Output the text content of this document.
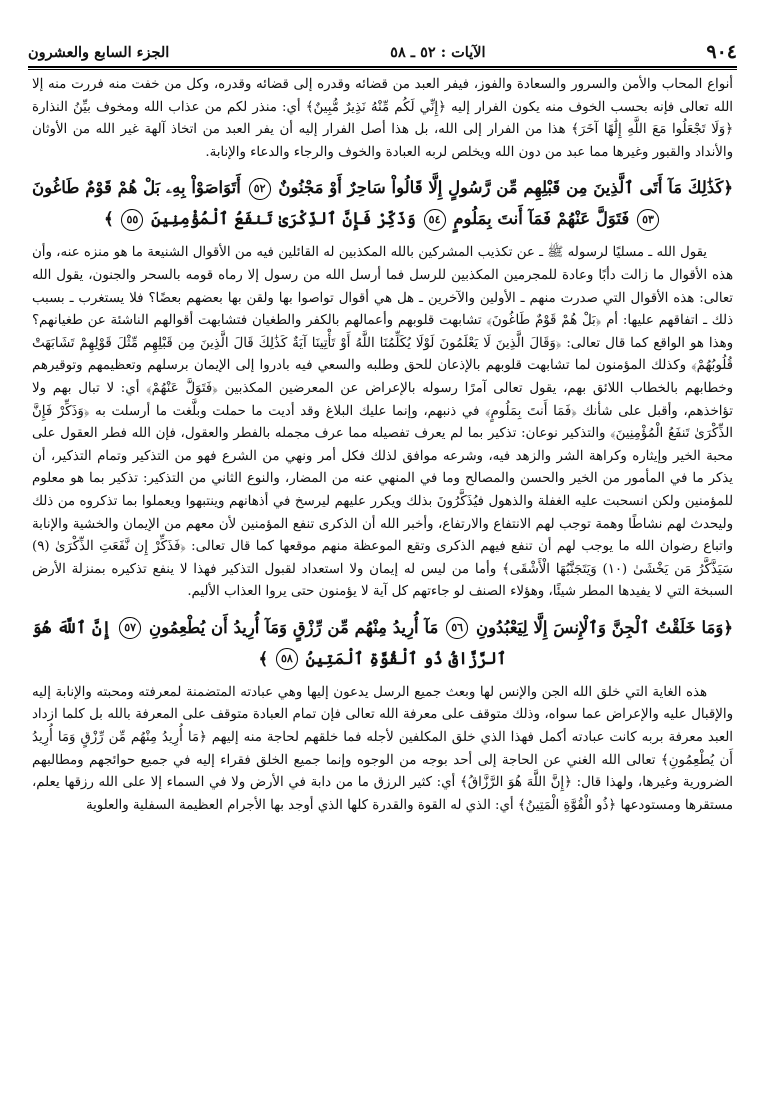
٩٠٤
الآيات : ٥٢ ـ ٥٨
الجزء السابع والعشرون

أنواع المحاب والأمن والسرور والسعادة والفوز، فيفر العبد من قضائه وقدره إلى قضائه وقدره، وكل من خفت منه فررت منه إلا الله تعالى فإنه بحسب الخوف منه يكون الفرار إليه ﴿إِنِّي لَكُم مِّنْهُ نَذِيرٌ مُّبِينٌ﴾ أي: منذر لكم من عذاب الله ومخوف بيِّنُ النذارة ﴿وَلَا تَجْعَلُوا مَعَ اللَّهِ إِلَٰهًا آخَرَ﴾ هذا من الفرار إلى الله، بل هذا أصل الفرار إليه أن يفر العبد من اتخاذ آلهة غير الله من الأوثان والأنداد والقبور وغيرها مما عبد من دون الله ويخلص لربه العبادة والخوف والرجاء والدعاء والإنابة.

﴿كَذَٰلِكَ مَآ أَتَى ٱلَّذِينَ مِن قَبْلِهِم مِّن رَّسُولٍ إِلَّا قَالُواْ سَاحِرٌ أَوْ مَجْنُونٌ ٥٢ أَتَوَاصَوْاْ بِهِۦ بَلْ هُمْ قَوْمٌ طَاغُونَ ٥٣ فَتَوَلَّ عَنْهُمْ فَمَآ أَنتَ بِمَلُومٍ ٥٤ وَذَكِّرْ فَإِنَّ ٱلذِّكْرَىٰ تَنفَعُ ٱلْمُؤْمِنِينَ ٥٥ ﴾

يقول الله ـ مسليًا لرسوله ﷺ ـ عن تكذيب المشركين بالله المكذبين له القائلين فيه من الأقوال الشنيعة ما هو منزه عنه، وأن هذه الأقوال ما زالت دأبًا وعادة للمجرمين المكذبين للرسل فما أرسل الله من رسول إلا رماه قومه بالسحر والجنون، يقول الله تعالى: هذه الأقوال التي صدرت منهم ـ الأولين والآخرين ـ هل هي أقوال تواصوا بها ولقن بها بعضهم بعضًا؟ فلا يستغرب ـ بسبب ذلك ـ اتفاقهم عليها: أم ﴿بَلْ هُمْ قَوْمٌ طَاغُونَ﴾ تشابهت قلوبهم وأعمالهم بالكفر والطغيان فتشابهت أقوالهم الناشئة عن طغيانهم؟ وهذا هو الواقع كما قال تعالى: ﴿وَقَالَ الَّذِينَ لَا يَعْلَمُونَ لَوْلَا يُكَلِّمُنَا اللَّهُ أَوْ تَأْتِينَا آيَةٌ كَذَٰلِكَ قَالَ الَّذِينَ مِن قَبْلِهِم مِّثْلَ قَوْلِهِمْ تَشَابَهَتْ قُلُوبُهُمْ﴾ وكذلك المؤمنون لما تشابهت قلوبهم بالإذعان للحق وطلبه والسعي فيه بادروا إلى الإيمان برسلهم وتعظيمهم وتوقيرهم وخطابهم بالخطاب اللائق بهم، يقول تعالى آمرًا رسوله بالإعراض عن المعرضين المكذبين ﴿فَتَوَلَّ عَنْهُمْ﴾ أي: لا تبال بهم ولا تؤاخذهم، وأقبل على شأنك ﴿فَمَا أَنتَ بِمَلُومٍ﴾ في ذنبهم، وإنما عليك البلاغ وقد أديت ما حملت وبلَّغت ما أرسلت به ﴿وَذَكِّرْ فَإِنَّ الذِّكْرَىٰ تَنفَعُ الْمُؤْمِنِينَ﴾ والتذكير نوعان: تذكير بما لم يعرف تفصيله مما عرف مجمله بالفطر والعقول، فإن الله فطر العقول على محبة الخير وإيثاره وكراهة الشر والزهد فيه، وشرعه موافق لذلك فكل أمر ونهي من الشرع فهو من التذكير وتمام التذكير، أن يذكر ما في المأمور من الخير والحسن والمصالح وما في المنهي عنه من المضار، والنوع الثاني من التذكير: تذكير بما هو معلوم للمؤمنين ولكن انسحبت عليه الغفلة والذهول فيُذَكَّرُونَ بذلك ويكرر عليهم ليرسخ في أذهانهم وينتبهوا ويعملوا بما تذكروه من ذلك وليحدث لهم نشاطًا وهمة توجب لهم الانتفاع والارتفاع، وأخبر الله أن الذكرى تنفع المؤمنين لأن معهم من الإيمان والخشية والإنابة واتباع رضوان الله ما يوجب لهم أن تنفع فيهم الذكرى وتقع الموعظة منهم موقعها كما قال تعالى: ﴿فَذَكِّرْ إِن نَّفَعَتِ الذِّكْرَىٰ (٩) سَيَذَّكَّرُ مَن يَخْشَىٰ (١٠) وَيَتَجَنَّبُهَا الْأَشْقَى﴾ وأما من ليس له إيمان ولا استعداد لقبول التذكير فهذا لا ينفع تذكيره بمنزلة الأرض السبخة التي لا يفيدها المطر شيئًا، وهؤلاء الصنف لو جاءتهم كل آية لا يؤمنون حتى يروا العذاب الأليم.

﴿وَمَا خَلَقْتُ ٱلْجِنَّ وَٱلْإِنسَ إِلَّا لِيَعْبُدُونِ ٥٦ مَآ أُرِيدُ مِنْهُم مِّن رِّزْقٍ وَمَآ أُرِيدُ أَن يُطْعِمُونِ ٥٧ إِنَّ ٱللَّهَ هُوَ ٱلرَّزَّاقُ ذُو ٱلْقُوَّةِ ٱلْمَتِينُ ٥٨ ﴾

هذه الغاية التي خلق الله الجن والإنس لها وبعث جميع الرسل يدعون إليها وهي عبادته المتضمنة لمعرفته ومحبته والإنابة إليه والإقبال عليه والإعراض عما سواه، وذلك متوقف على معرفة الله تعالى فإن تمام العبادة متوقف على المعرفة بالله بل كلما ازداد العبد معرفة بربه كانت عبادته أكمل فهذا الذي خلق المكلفين لأجله فما خلقهم لحاجة منه إليهم ﴿مَا أُرِيدُ مِنْهُم مِّن رِّزْقٍ وَمَا أُرِيدُ أَن يُطْعِمُونِ﴾ تعالى الله الغني عن الحاجة إلى أحد بوجه من الوجوه وإنما جميع الخلق فقراء إليه في جميع حوائجهم ومطالبهم الضرورية وغيرها، ولهذا قال: ﴿إِنَّ اللَّهَ هُوَ الرَّزَّاقُ﴾ أي: كثير الرزق ما من دابة في الأرض ولا في السماء إلا على الله رزقها يعلم، مستقرها ومستودعها ﴿ذُو الْقُوَّةِ الْمَتِينُ﴾ أي: الذي له القوة والقدرة كلها الذي أوجد بها الأجرام العظيمة السفلية والعلوية
